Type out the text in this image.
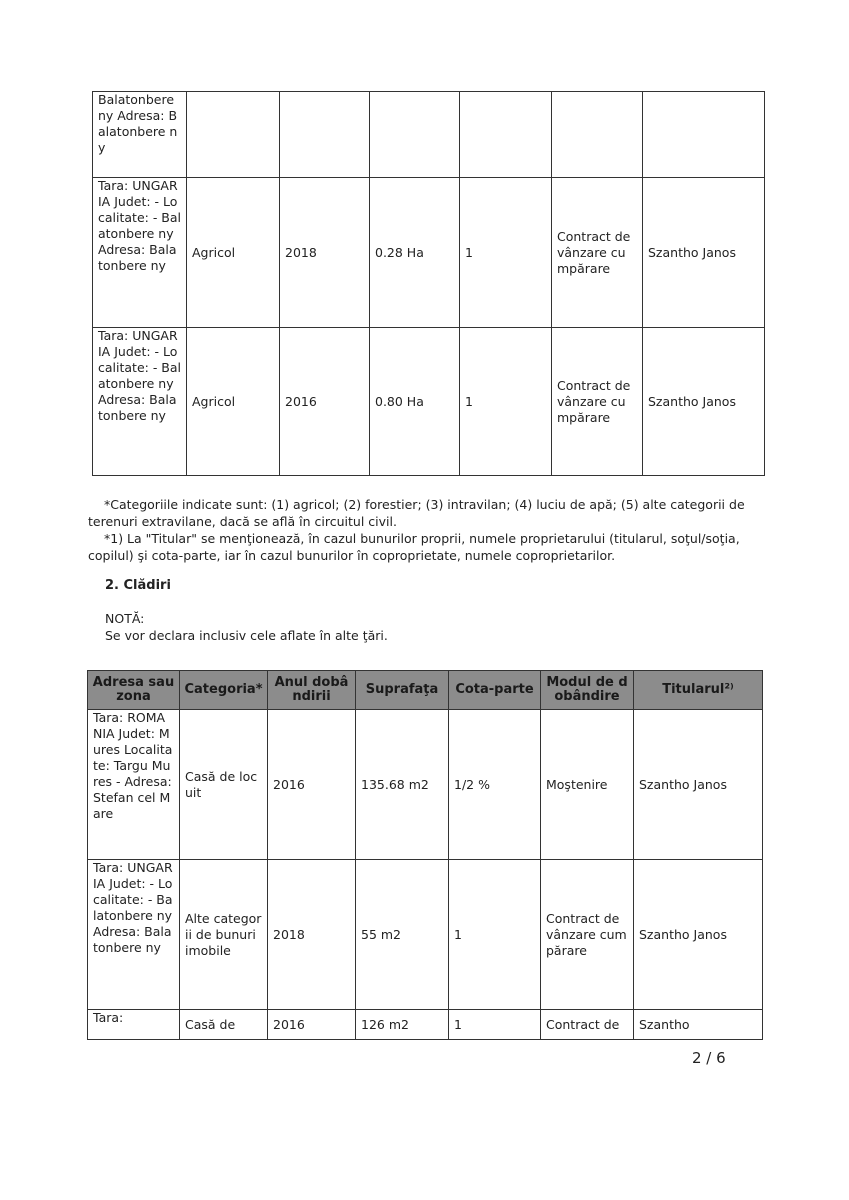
Balatonbere ny Adresa: Balatonbere ny						
Tara: UNGARIA Judet: - Localitate: - Balatonbere ny Adresa: Balatonbere ny	Agricol	2018	0.28 Ha	1	Contract de vânzare cumpărare	Szantho Janos
Tara: UNGARIA Judet: - Localitate: - Balatonbere ny Adresa: Balatonbere ny	Agricol	2016	0.80 Ha	1	Contract de vânzare cumpărare	Szantho Janos

*Categoriile indicate sunt: (1) agricol; (2) forestier; (3) intravilan; (4) luciu de apă; (5) alte categorii de terenuri extravilane, dacă se află în circuitul civil.

*1) La "Titular" se menţionează, în cazul bunurilor proprii, numele proprietarului (titularul, soţul/soţia, copilul) şi cota-parte, iar în cazul bunurilor în coproprietate, numele coproprietarilor.

2. Clădiri
NOTĂ:
Se vor declara inclusiv cele aflate în alte ţări.
Adresa sau zona	Categoria*	Anul dobândirii	Suprafaţa	Cota-parte	Modul de dobândire	Titularul²⁾
Tara: ROMANIA Judet: Mures Localitate: Targu Mures - Adresa: Stefan cel Mare	Casă de locuit	2016	135.68 m2	1/2 %	Moştenire	Szantho Janos
Tara: UNGARIA Judet: - Localitate: - Balatonbere ny Adresa: Balatonbere ny	Alte categorii de bunuri imobile	2018	55 m2	1	Contract de vânzare cumpărare	Szantho Janos
Tara:	Casă de	2016	126 m2	1	Contract de	Szantho
2 / 6
